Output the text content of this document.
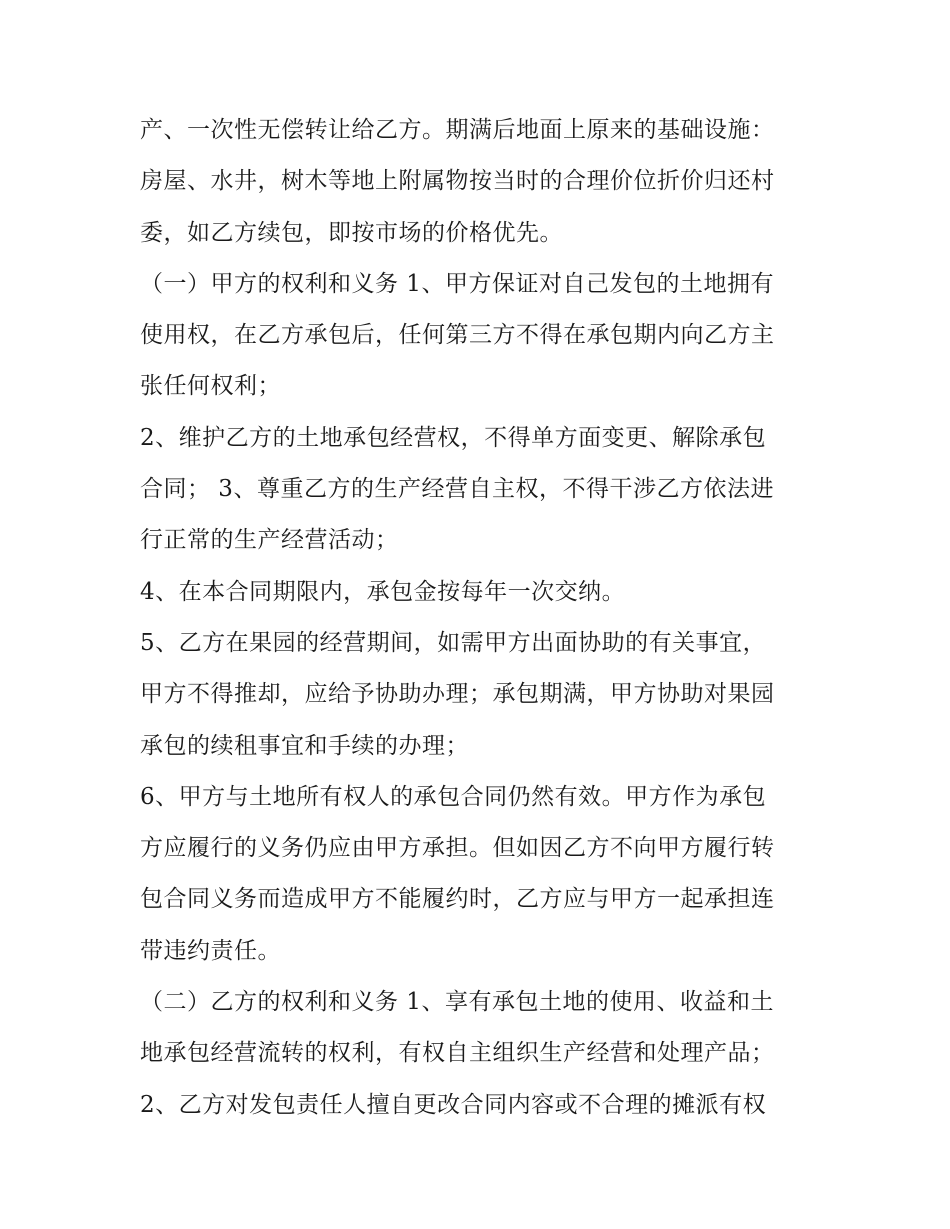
产、一次性无偿转让给乙方。期满后地面上原来的基础设施：

房屋、水井，树木等地上附属物按当时的合理价位折价归还村

委，如乙方续包，即按市场的价格优先。

（一）甲方的权利和义务 1、甲方保证对自己发包的土地拥有

使用权，在乙方承包后，任何第三方不得在承包期内向乙方主

张任何权利；

2、维护乙方的土地承包经营权，不得单方面变更、解除承包

合同； 3、尊重乙方的生产经营自主权，不得干涉乙方依法进

行正常的生产经营活动；

4、在本合同期限内，承包金按每年一次交纳。

5、乙方在果园的经营期间，如需甲方出面协助的有关事宜，

甲方不得推却，应给予协助办理；承包期满，甲方协助对果园

承包的续租事宜和手续的办理；

6、甲方与土地所有权人的承包合同仍然有效。甲方作为承包

方应履行的义务仍应由甲方承担。但如因乙方不向甲方履行转

包合同义务而造成甲方不能履约时，乙方应与甲方一起承担连

带违约责任。

（二）乙方的权利和义务 1、享有承包土地的使用、收益和土

地承包经营流转的权利，有权自主组织生产经营和处理产品；

2、乙方对发包责任人擅自更改合同内容或不合理的摊派有权
